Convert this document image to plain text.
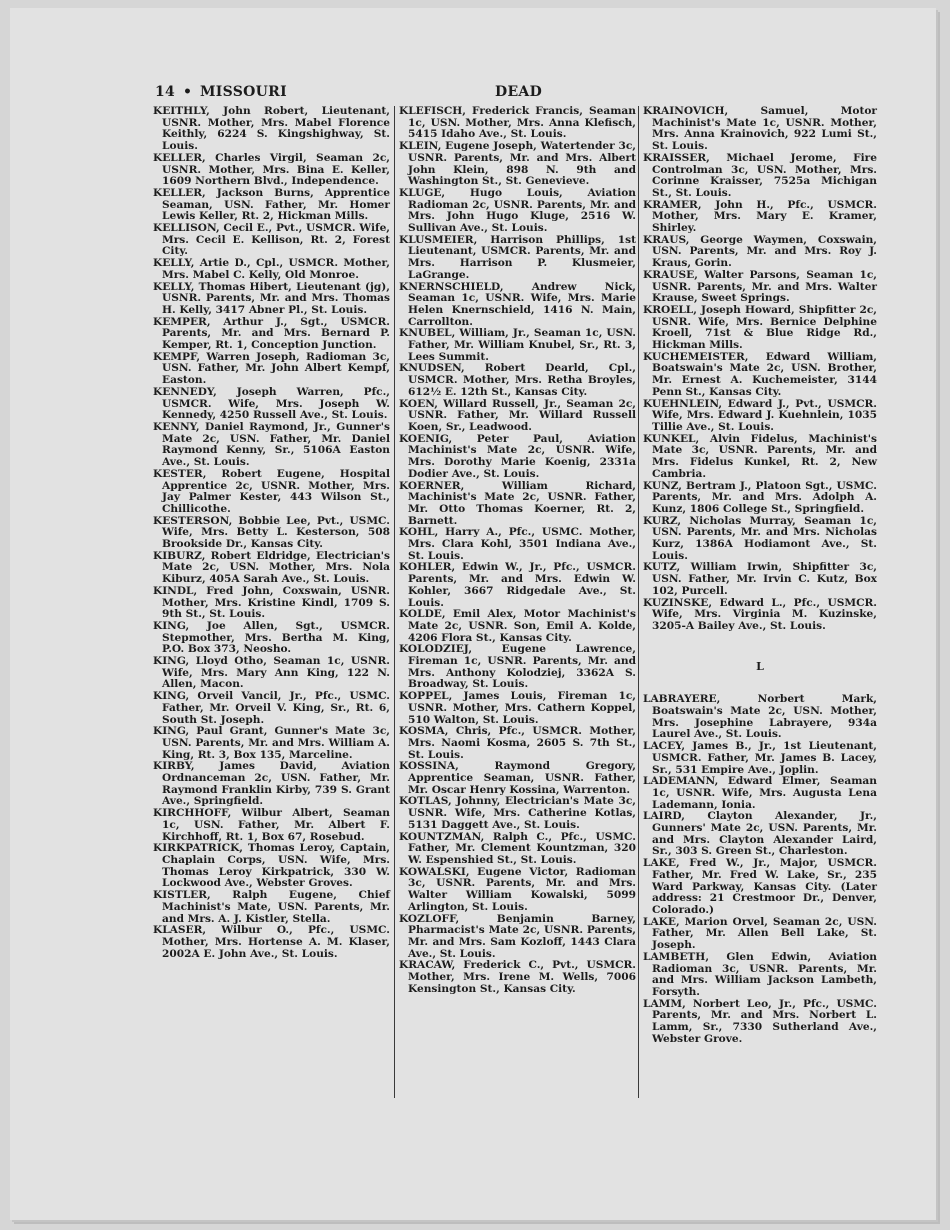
14 • MISSOURI	DEAD

KEITHLY, John Robert, Lieutenant, USNR. Mother, Mrs. Mabel Florence Keithly, 6224 S. Kingshighway, St. Louis.

KELLER, Charles Virgil, Seaman 2c, USNR. Mother, Mrs. Bina E. Keller, 1609 Northern Blvd., Independence.

KELLER, Jackson Burns, Apprentice Seaman, USN. Father, Mr. Homer Lewis Keller, Rt. 2, Hickman Mills.

KELLISON, Cecil E., Pvt., USMCR. Wife, Mrs. Cecil E. Kellison, Rt. 2, Forest City.

KELLY, Artie D., Cpl., USMCR. Mother, Mrs. Mabel C. Kelly, Old Monroe.

KELLY, Thomas Hibert, Lieutenant (jg), USNR. Parents, Mr. and Mrs. Thomas H. Kelly, 3417 Abner Pl., St. Louis.

KEMPER, Arthur J., Sgt., USMCR. Parents, Mr. and Mrs. Bernard P. Kemper, Rt. 1, Conception Junction.

KEMPF, Warren Joseph, Radioman 3c, USN. Father, Mr. John Albert Kempf, Easton.

KENNEDY, Joseph Warren, Pfc., USMCR. Wife, Mrs. Joseph W. Kennedy, 4250 Russell Ave., St. Louis.

KENNY, Daniel Raymond, Jr., Gunner's Mate 2c, USN. Father, Mr. Daniel Raymond Kenny, Sr., 5106A Easton Ave., St. Louis.

KESTER, Robert Eugene, Hospital Apprentice 2c, USNR. Mother, Mrs. Jay Palmer Kester, 443 Wilson St., Chillicothe.

KESTERSON, Bobbie Lee, Pvt., USMC. Wife, Mrs. Betty L. Kesterson, 508 Brookside Dr., Kansas City.

KIBURZ, Robert Eldridge, Electrician's Mate 2c, USN. Mother, Mrs. Nola Kiburz, 405A Sarah Ave., St. Louis.

KINDL, Fred John, Coxswain, USNR. Mother, Mrs. Kristine Kindl, 1709 S. 9th St., St. Louis.

KING, Joe Allen, Sgt., USMCR. Stepmother, Mrs. Bertha M. King, P.O. Box 373, Neosho.

KING, Lloyd Otho, Seaman 1c, USNR. Wife, Mrs. Mary Ann King, 122 N. Allen, Macon.

KING, Orveil Vancil, Jr., Pfc., USMC. Father, Mr. Orveil V. King, Sr., Rt. 6, South St. Joseph.

KING, Paul Grant, Gunner's Mate 3c, USN. Parents, Mr. and Mrs. William A. King, Rt. 3, Box 135, Marceline.

KIRBY, James David, Aviation Ordnanceman 2c, USN. Father, Mr. Raymond Franklin Kirby, 739 S. Grant Ave., Springfield.

KIRCHHOFF, Wilbur Albert, Seaman 1c, USN. Father, Mr. Albert F. Kirchhoff, Rt. 1, Box 67, Rosebud.

KIRKPATRICK, Thomas Leroy, Captain, Chaplain Corps, USN. Wife, Mrs. Thomas Leroy Kirkpatrick, 330 W. Lockwood Ave., Webster Groves.

KISTLER, Ralph Eugene, Chief Machinist's Mate, USN. Parents, Mr. and Mrs. A. J. Kistler, Stella.

KLASER, Wilbur O., Pfc., USMC. Mother, Mrs. Hortense A. M. Klaser, 2002A E. John Ave., St. Louis.

KLEFISCH, Frederick Francis, Seaman 1c, USN. Mother, Mrs. Anna Klefisch, 5415 Idaho Ave., St. Louis.

KLEIN, Eugene Joseph, Watertender 3c, USNR. Parents, Mr. and Mrs. Albert John Klein, 898 N. 9th and Washington St., St. Genevieve.

KLUGE, Hugo Louis, Aviation Radioman 2c, USNR. Parents, Mr. and Mrs. John Hugo Kluge, 2516 W. Sullivan Ave., St. Louis.

KLUSMEIER, Harrison Phillips, 1st Lieutenant, USMCR. Parents, Mr. and Mrs. Harrison P. Klusmeier, LaGrange.

KNERNSCHIELD, Andrew Nick, Seaman 1c, USNR. Wife, Mrs. Marie Helen Knernschield, 1416 N. Main, Carrollton.

KNUBEL, William, Jr., Seaman 1c, USN. Father, Mr. William Knubel, Sr., Rt. 3, Lees Summit.

KNUDSEN, Robert Dearld, Cpl., USMCR. Mother, Mrs. Retha Broyles, 612½ E. 12th St., Kansas City.

KOEN, Willard Russell, Jr., Seaman 2c, USNR. Father, Mr. Willard Russell Koen, Sr., Leadwood.

KOENIG, Peter Paul, Aviation Machinist's Mate 2c, USNR. Wife, Mrs. Dorothy Marie Koenig, 2331a Dodier Ave., St. Louis.

KOERNER, William Richard, Machinist's Mate 2c, USNR. Father, Mr. Otto Thomas Koerner, Rt. 2, Barnett.

KOHL, Harry A., Pfc., USMC. Mother, Mrs. Clara Kohl, 3501 Indiana Ave., St. Louis.

KOHLER, Edwin W., Jr., Pfc., USMCR. Parents, Mr. and Mrs. Edwin W. Kohler, 3667 Ridgedale Ave., St. Louis.

KOLDE, Emil Alex, Motor Machinist's Mate 2c, USNR. Son, Emil A. Kolde, 4206 Flora St., Kansas City.

KOLODZIEJ, Eugene Lawrence, Fireman 1c, USNR. Parents, Mr. and Mrs. Anthony Kolodziej, 3362A S. Broadway, St. Louis.

KOPPEL, James Louis, Fireman 1c, USNR. Mother, Mrs. Cathern Koppel, 510 Walton, St. Louis.

KOSMA, Chris, Pfc., USMCR. Mother, Mrs. Naomi Kosma, 2605 S. 7th St., St. Louis.

KOSSINA, Raymond Gregory, Apprentice Seaman, USNR. Father, Mr. Oscar Henry Kossina, Warrenton.

KOTLAS, Johnny, Electrician's Mate 3c, USNR. Wife, Mrs. Catherine Kotlas, 5131 Daggett Ave., St. Louis.

KOUNTZMAN, Ralph C., Pfc., USMC. Father, Mr. Clement Kountzman, 320 W. Espenshied St., St. Louis.

KOWALSKI, Eugene Victor, Radioman 3c, USNR. Parents, Mr. and Mrs. Walter William Kowalski, 5099 Arlington, St. Louis.

KOZLOFF, Benjamin Barney, Pharmacist's Mate 2c, USNR. Parents, Mr. and Mrs. Sam Kozloff, 1443 Clara Ave., St. Louis.

KRACAW, Frederick C., Pvt., USMCR. Mother, Mrs. Irene M. Wells, 7006 Kensington St., Kansas City.

KRAINOVICH, Samuel, Motor Machinist's Mate 1c, USNR. Mother, Mrs. Anna Krainovich, 922 Lumi St., St. Louis.

KRAISSER, Michael Jerome, Fire Controlman 3c, USN. Mother, Mrs. Corinne Kraisser, 7525a Michigan St., St. Louis.

KRAMER, John H., Pfc., USMCR. Mother, Mrs. Mary E. Kramer, Shirley.

KRAUS, George Waymen, Coxswain, USN. Parents, Mr. and Mrs. Roy J. Kraus, Gorin.

KRAUSE, Walter Parsons, Seaman 1c, USNR. Parents, Mr. and Mrs. Walter Krause, Sweet Springs.

KROELL, Joseph Howard, Shipfitter 2c, USNR. Wife, Mrs. Bernice Delphine Kroell, 71st & Blue Ridge Rd., Hickman Mills.

KUCHEMEISTER, Edward William, Boatswain's Mate 2c, USN. Brother, Mr. Ernest A. Kuchemeister, 3144 Penn St., Kansas City.

KUEHNLEIN, Edward J., Pvt., USMCR. Wife, Mrs. Edward J. Kuehnlein, 1035 Tillie Ave., St. Louis.

KUNKEL, Alvin Fidelus, Machinist's Mate 3c, USNR. Parents, Mr. and Mrs. Fidelus Kunkel, Rt. 2, New Cambria.

KUNZ, Bertram J., Platoon Sgt., USMC. Parents, Mr. and Mrs. Adolph A. Kunz, 1806 College St., Springfield.

KURZ, Nicholas Murray, Seaman 1c, USN. Parents, Mr. and Mrs. Nicholas Kurz, 1386A Hodiamont Ave., St. Louis.

KUTZ, William Irwin, Shipfitter 3c, USN. Father, Mr. Irvin C. Kutz, Box 102, Purcell.

KUZINSKE, Edward L., Pfc., USMCR. Wife, Mrs. Virginia M. Kuzinske, 3205-A Bailey Ave., St. Louis.

L

LABRAYERE, Norbert Mark, Boatswain's Mate 2c, USN. Mother, Mrs. Josephine Labrayere, 934a Laurel Ave., St. Louis.

LACEY, James B., Jr., 1st Lieutenant, USMCR. Father, Mr. James B. Lacey, Sr., 531 Empire Ave., Joplin.

LADEMANN, Edward Elmer, Seaman 1c, USNR. Wife, Mrs. Augusta Lena Lademann, Ionia.

LAIRD, Clayton Alexander, Jr., Gunners' Mate 2c, USN. Parents, Mr. and Mrs. Clayton Alexander Laird, Sr., 303 S. Green St., Charleston.

LAKE, Fred W., Jr., Major, USMCR. Father, Mr. Fred W. Lake, Sr., 235 Ward Parkway, Kansas City. (Later address: 21 Crestmoor Dr., Denver, Colorado.)

LAKE, Marion Orvel, Seaman 2c, USN. Father, Mr. Allen Bell Lake, St. Joseph.

LAMBETH, Glen Edwin, Aviation Radioman 3c, USNR. Parents, Mr. and Mrs. William Jackson Lambeth, Forsyth.

LAMM, Norbert Leo, Jr., Pfc., USMC. Parents, Mr. and Mrs. Norbert L. Lamm, Sr., 7330 Sutherland Ave., Webster Grove.
